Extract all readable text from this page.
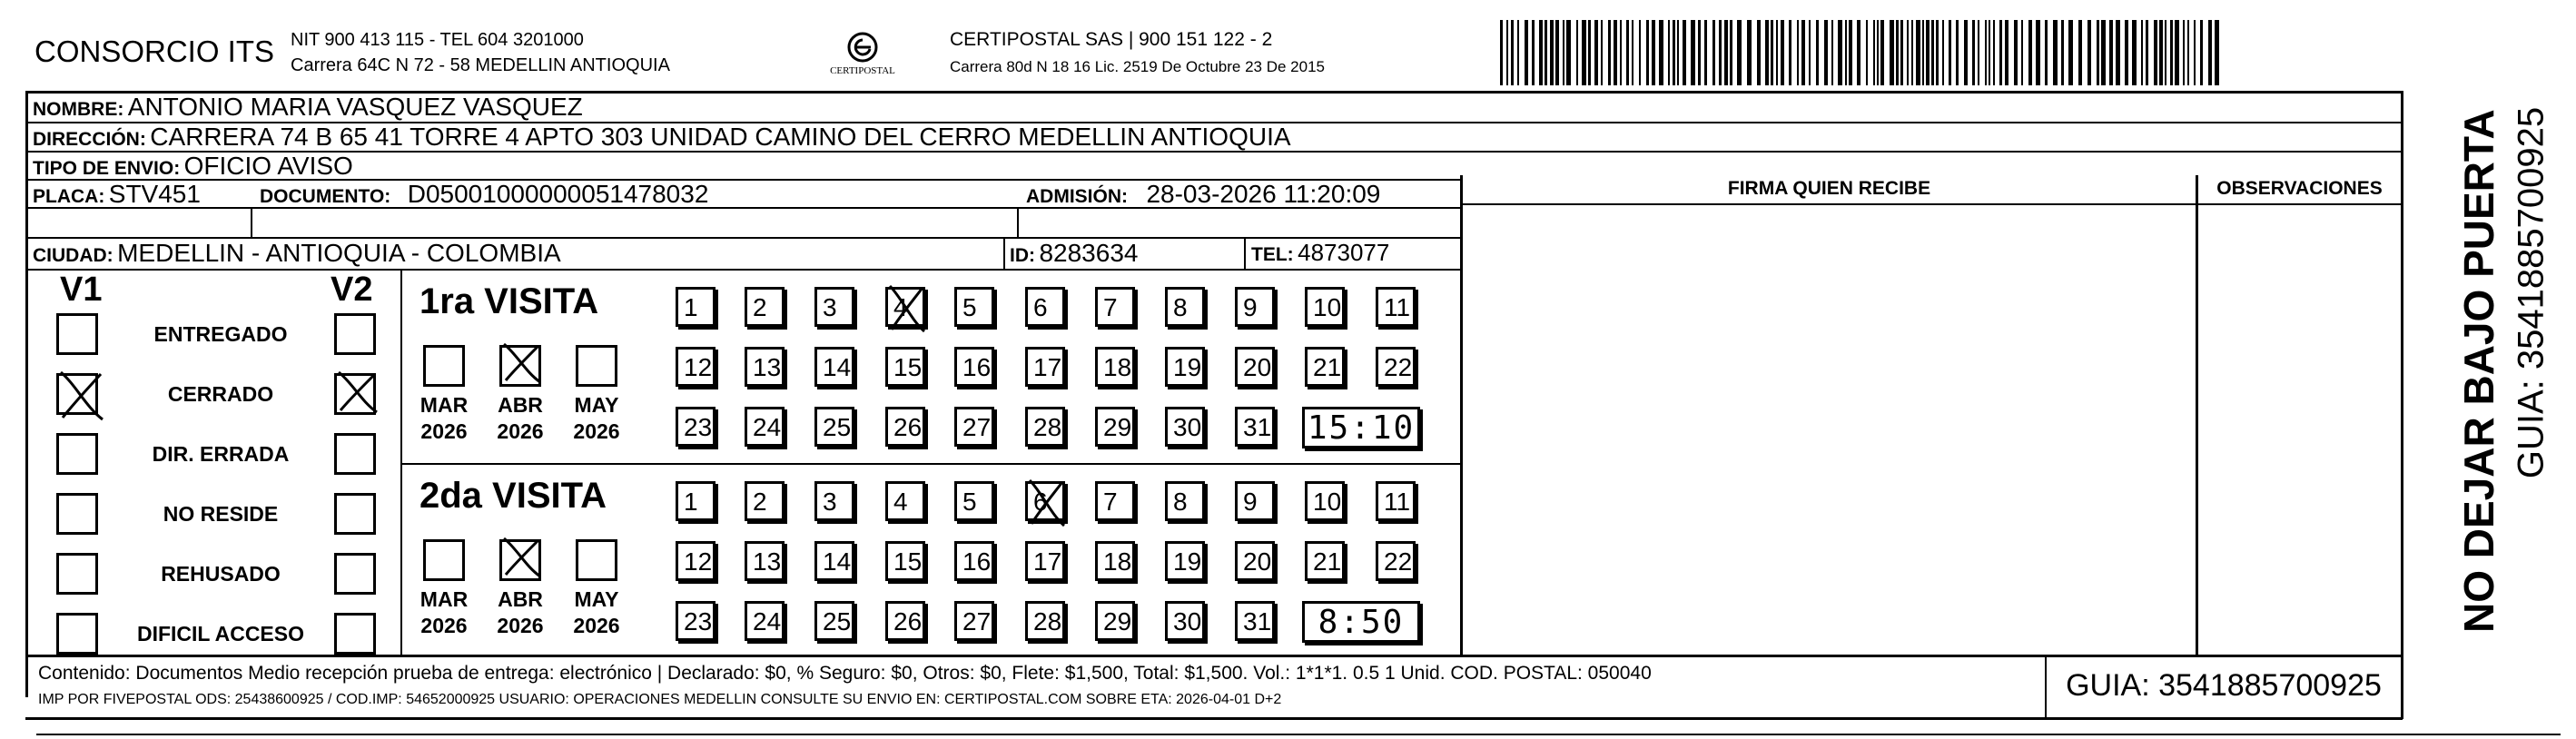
CONSORCIO ITS NIT 900 413 115 - TEL 604 3201000
Carrera 64C N 72 - 58 MEDELLIN ANTIOQUIA	CERTIPOSTAL
CERTIPOSTAL SAS | 900 151 122 - 2
Carrera 80d N 18 16 Lic. 2519 De Octubre 23 De 2015
NOMBRE: ANTONIO MARIA VASQUEZ VASQUEZ
DIRECCIÓN: CARRERA 74 B 65 41 TORRE 4 APTO 303 UNIDAD CAMINO DEL CERRO MEDELLIN ANTIOQUIA
TIPO DE ENVIO: OFICIO AVISO
PLACA: STV451	DOCUMENTO: D05001000000051478032	ADMISIÓN: 28-03-2026 11:20:09
CIUDAD: MEDELLIN - ANTIOQUIA - COLOMBIA	ID: 8283634	TEL: 4873077
FIRMA QUIEN RECIBE	OBSERVACIONES
V1	V2
ENTREGADO
CERRADO
DIR. ERRADA
NO RESIDE
REHUSADO
DIFICIL ACCESO
1ra VISITA
MAR
2026
ABR
2026
MAY
2026
1	2	3	4	5	6	7	8	9	10	11
12	13	14	15	16	17	18	19	20	21	22
23	24	25	26	27	28	29	30	31 15:10
2da VISITA
MAR
2026
ABR
2026
MAY
2026
1	2	3	4	5	6	7	8	9	10	11
12	13	14	15	16	17	18	19	20	21	22
23	24	25	26	27	28	29	30	31	8:50
Contenido: Documentos Medio recepción prueba de entrega: electrónico | Declarado: $0, % Seguro: $0, Otros: $0, Flete: $1,500, Total: $1,500. Vol.: 1*1*1. 0.5 1 Unid. COD. POSTAL: 050040
IMP POR FIVEPOSTAL ODS: 25438600925 / COD.IMP: 54652000925 USUARIO: OPERACIONES MEDELLIN CONSULTE SU ENVIO EN: CERTIPOSTAL.COM SOBRE ETA: 2026-04-01 D+2	GUIA: 3541885700925
NO DEJAR BAJO PUERTA GUIA: 3541885700925
